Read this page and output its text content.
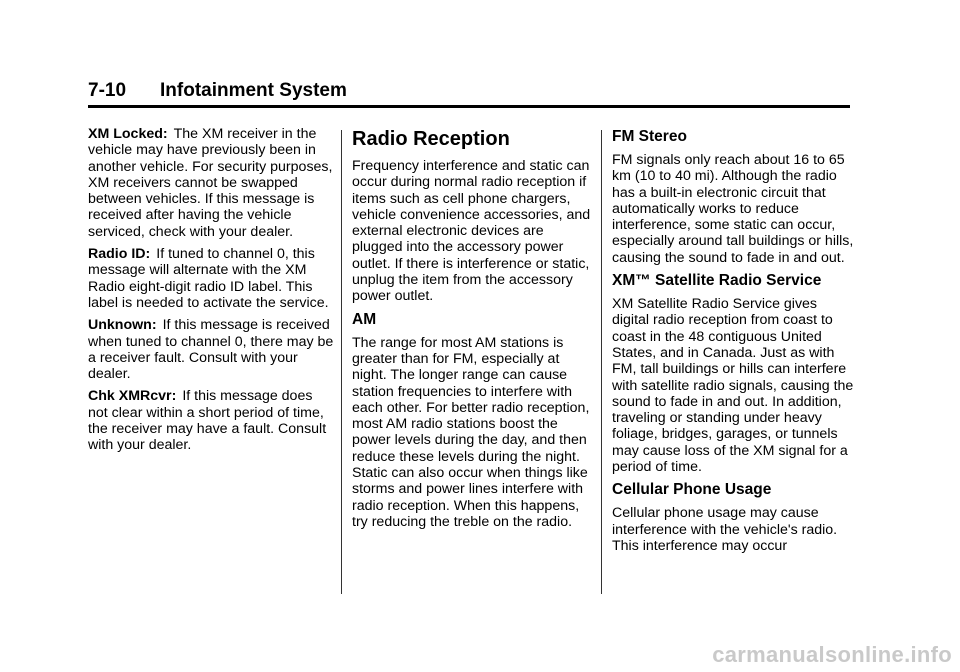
7-10 Infotainment System

XM Locked: The XM receiver in the vehicle may have previously been in another vehicle. For security purposes, XM receivers cannot be swapped between vehicles. If this message is received after having the vehicle serviced, check with your dealer.

Radio ID: If tuned to channel 0, this message will alternate with the XM Radio eight-digit radio ID label. This label is needed to activate the service.

Unknown: If this message is received when tuned to channel 0, there may be a receiver fault. Consult with your dealer.

Chk XMRcvr: If this message does not clear within a short period of time, the receiver may have a fault. Consult with your dealer.

Radio Reception

Frequency interference and static can occur during normal radio reception if items such as cell phone chargers, vehicle convenience accessories, and external electronic devices are plugged into the accessory power outlet. If there is interference or static, unplug the item from the accessory power outlet.

AM

The range for most AM stations is greater than for FM, especially at night. The longer range can cause station frequencies to interfere with each other. For better radio reception, most AM radio stations boost the power levels during the day, and then reduce these levels during the night. Static can also occur when things like storms and power lines interfere with radio reception. When this happens, try reducing the treble on the radio.

FM Stereo

FM signals only reach about 16 to 65 km (10 to 40 mi). Although the radio has a built-in electronic circuit that automatically works to reduce interference, some static can occur, especially around tall buildings or hills, causing the sound to fade in and out.

XM™ Satellite Radio Service

XM Satellite Radio Service gives digital radio reception from coast to coast in the 48 contiguous United States, and in Canada. Just as with FM, tall buildings or hills can interfere with satellite radio signals, causing the sound to fade in and out. In addition, traveling or standing under heavy foliage, bridges, garages, or tunnels may cause loss of the XM signal for a period of time.

Cellular Phone Usage

Cellular phone usage may cause interference with the vehicle's radio. This interference may occur

carmanualsonline.info
